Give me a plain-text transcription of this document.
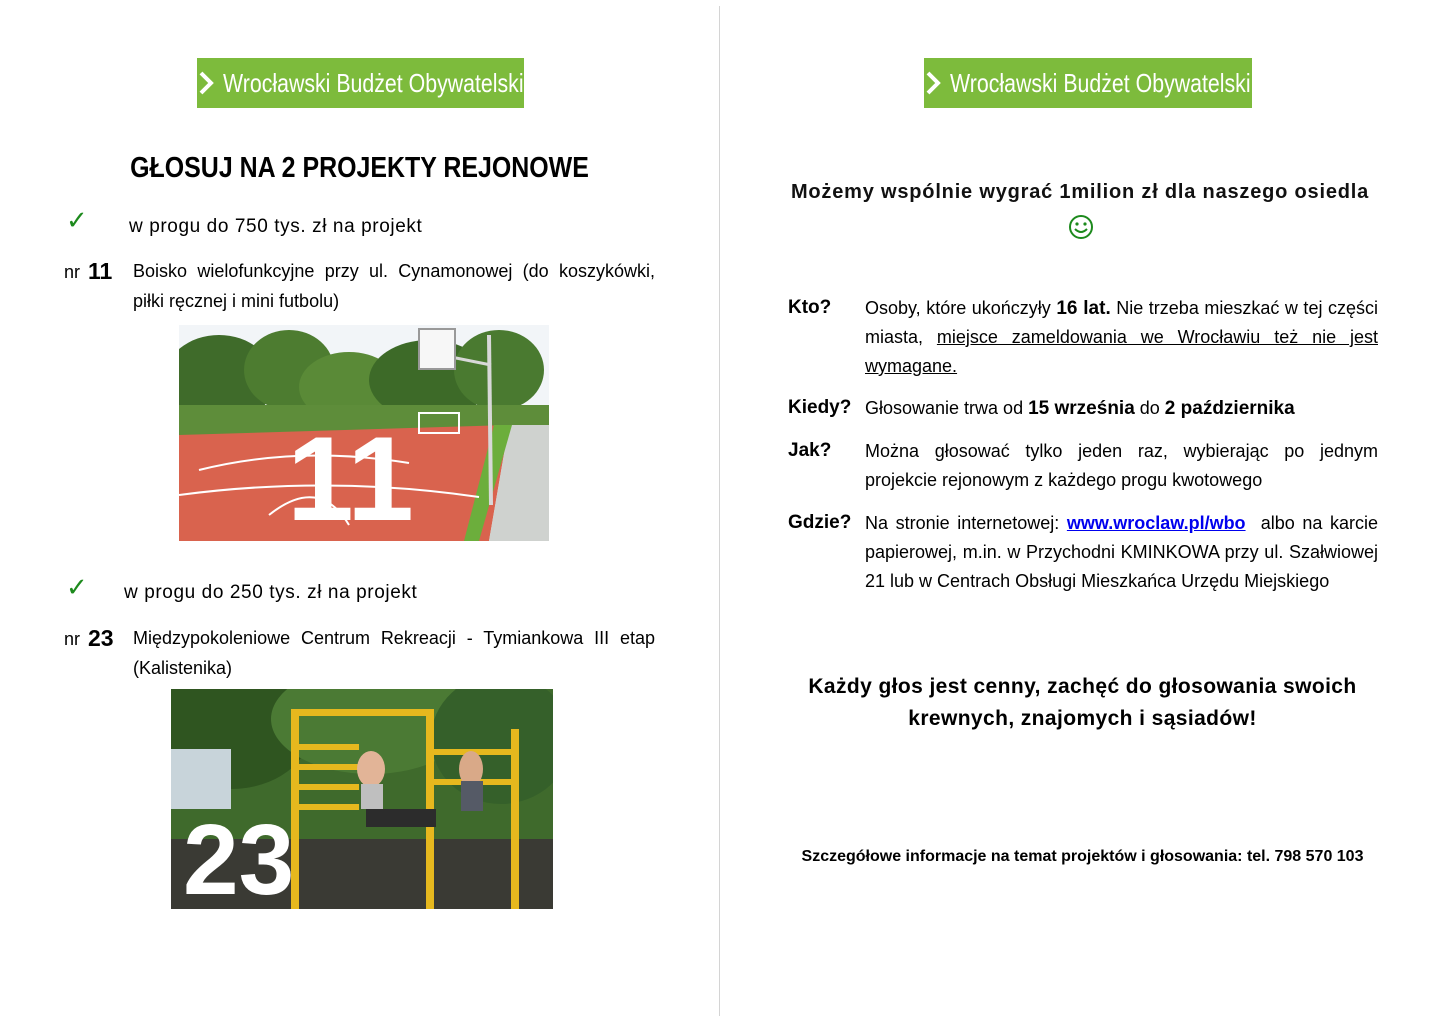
Wrocławski Budżet Obywatelski
GŁOSUJ NA 2 PROJEKTY REJONOWE
✓ w progu do 750 tys. zł na projekt
nr 11 Boisko wielofunkcyjne przy ul. Cynamonowej (do koszykówki, piłki ręcznej i mini futbolu)
11
✓ w progu do 250 tys. zł na projekt
nr 23 Międzypokoleniowe Centrum Rekreacji - Tymiankowa III etap (Kalistenika)
23
Wrocławski Budżet Obywatelski
Możemy wspólnie wygrać 1milion zł dla naszego osiedla
Kto? Osoby, które ukończyły 16 lat. Nie trzeba mieszkać w tej części miasta, miejsce zameldowania we Wrocławiu też nie jest wymagane.
Kiedy? Głosowanie trwa od 15 września do 2 października
Jak? Można głosować tylko jeden raz, wybierając po jednym projekcie rejonowym z każdego progu kwotowego
Gdzie? Na stronie internetowej: www.wroclaw.pl/wbo  albo na karcie papierowej, m.in. w Przychodni KMINKOWA przy ul. Szałwiowej 21 lub w Centrach Obsługi Mieszkańca Urzędu Miejskiego
Każdy głos jest cenny, zachęć do głosowania swoich
krewnych, znajomych i sąsiadów!
Szczegółowe informacje na temat projektów i głosowania: tel. 798 570 103
